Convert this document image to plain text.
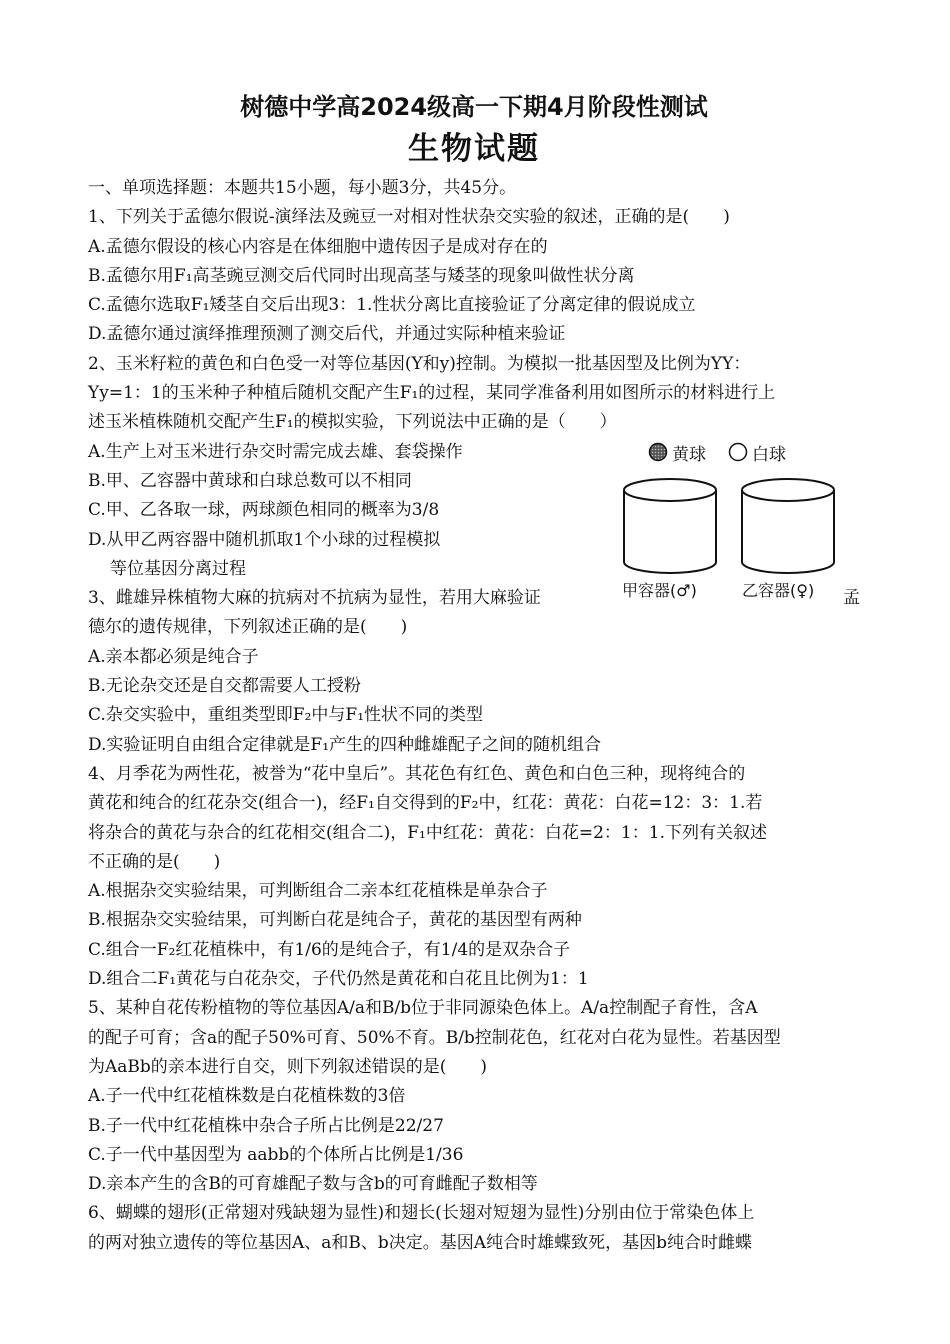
树德中学高2024级高一下期4月阶段性测试
生物试题

一、单项选择题：本题共15小题，每小题3分，共45分。

1、下列关于孟德尔假说-演绎法及豌豆一对相对性状杂交实验的叙述，正确的是(　　)

A.孟德尔假设的核心内容是在体细胞中遗传因子是成对存在的

B.孟德尔用F₁高茎豌豆测交后代同时出现高茎与矮茎的现象叫做性状分离

C.孟德尔选取F₁矮茎自交后出现3：1.性状分离比直接验证了分离定律的假说成立

D.孟德尔通过演绎推理预测了测交后代，并通过实际种植来验证

2、玉米籽粒的黄色和白色受一对等位基因(Y和y)控制。为模拟一批基因型及比例为YY：

Yy=1：1的玉米种子种植后随机交配产生F₁的过程，某同学准备利用如图所示的材料进行上

述玉米植株随机交配产生F₁的模拟实验，下列说法中正确的是（　　）

A.生产上对玉米进行杂交时需完成去雄、套袋操作

B.甲、乙容器中黄球和白球总数可以不相同

C.甲、乙各取一球，两球颜色相同的概率为3/8

D.从甲乙两容器中随机抓取1个小球的过程模拟

等位基因分离过程

黄球	白球
甲容器(♂)	乙容器(♀)

3、雌雄异株植物大麻的抗病对不抗病为显性，若用大麻验证	孟

德尔的遗传规律，下列叙述正确的是(　　)

A.亲本都必须是纯合子

B.无论杂交还是自交都需要人工授粉

C.杂交实验中，重组类型即F₂中与F₁性状不同的类型

D.实验证明自由组合定律就是F₁产生的四种雌雄配子之间的随机组合

4、月季花为两性花，被誉为“花中皇后”。其花色有红色、黄色和白色三种，现将纯合的

黄花和纯合的红花杂交(组合一)，经F₁自交得到的F₂中，红花：黄花：白花=12：3：1.若

将杂合的黄花与杂合的红花相交(组合二)，F₁中红花：黄花：白花=2：1：1.下列有关叙述

不正确的是(　　)

A.根据杂交实验结果，可判断组合二亲本红花植株是单杂合子

B.根据杂交实验结果，可判断白花是纯合子，黄花的基因型有两种

C.组合一F₂红花植株中，有1/6的是纯合子，有1/4的是双杂合子

D.组合二F₁黄花与白花杂交，子代仍然是黄花和白花且比例为1：1

5、某种自花传粉植物的等位基因A/a和B/b位于非同源染色体上。A/a控制配子育性，含A

的配子可育；含a的配子50%可育、50%不育。B/b控制花色，红花对白花为显性。若基因型

为AaBb的亲本进行自交，则下列叙述错误的是(　　)

A.子一代中红花植株数是白花植株数的3倍

B.子一代中红花植株中杂合子所占比例是22/27

C.子一代中基因型为 aabb的个体所占比例是1/36

D.亲本产生的含B的可育雄配子数与含b的可育雌配子数相等

6、蝴蝶的翅形(正常翅对残缺翅为显性)和翅长(长翅对短翅为显性)分别由位于常染色体上

的两对独立遗传的等位基因A、a和B、b决定。基因A纯合时雄蝶致死，基因b纯合时雌蝶
